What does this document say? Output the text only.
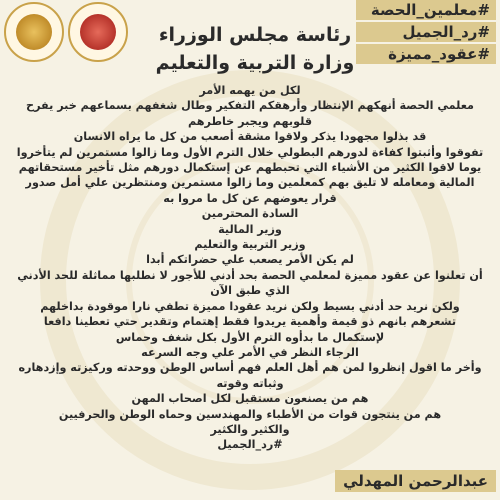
رئاسة مجلس الوزراء
وزارة التربية والتعليم
#معلمين_الحصة
#رد_الجميل
#عقود_مميزة

لكل من يهمه الأمر

معلمي الحصة أنهكهم الإنتظار وأرهقكم التفكير وطال شغفهم بسماعهم خبر يفرح

قلوبهم ويجبر خاطرهم

قد بذلوا مجهودا يذكر ولاقوا مشقة أصعب من كل ما يراه الانسان

تفوقوا وأثبتوا كفاءة لدورهم البطولي خلال الترم الأول وما زالوا مستمرين لم يتأخروا

يوما لاقوا الكثير من الأشياء التي تحبطهم عن إستكمال دورهم مثل تأخير مستحقاتهم

المالية ومعامله لا تليق بهم كمعلمين وما زالوا مستمرين ومنتظرين علي أمل صدور

قرار يعوضهم عن كل ما مروا به

السادة المحترمين

وزير المالية

وزير التربية والتعليم

لم يكن الأمر يصعب علي حضراتكم أبدا

أن تعلنوا عن عقود مميزة لمعلمي الحصة بحد أدني للأجور لا نطلبها مماثلة للحد الأدني

الذي طبق الآن

ولكن نريد حد أدني بسيط ولكن نريد عقودا مميزة تطفي نارا موقودة بداخلهم

تشعرهم بانهم ذو قيمة وأهمية يريدوا فقط إهتمام وتقدير حتي تعطينا دافعا

لإستكمال ما بدأوه الترم الأول بكل شغف وحماس

الرجاء النظر في الأمر علي وجه السرعه

وأخر ما اقول إنظروا لمن هم أهل العلم فهم أساس الوطن ووحدته وركيزته وإزدهاره

وثباته وقوته

هم من يصنعون مستقبل لكل اصحاب المهن

هم من ينتجون قوات من الأطباء والمهندسين وحماه الوطن والحرفيين

والكثير والكثير

#رد_الجميل

عبدالرحمن المهدلي
